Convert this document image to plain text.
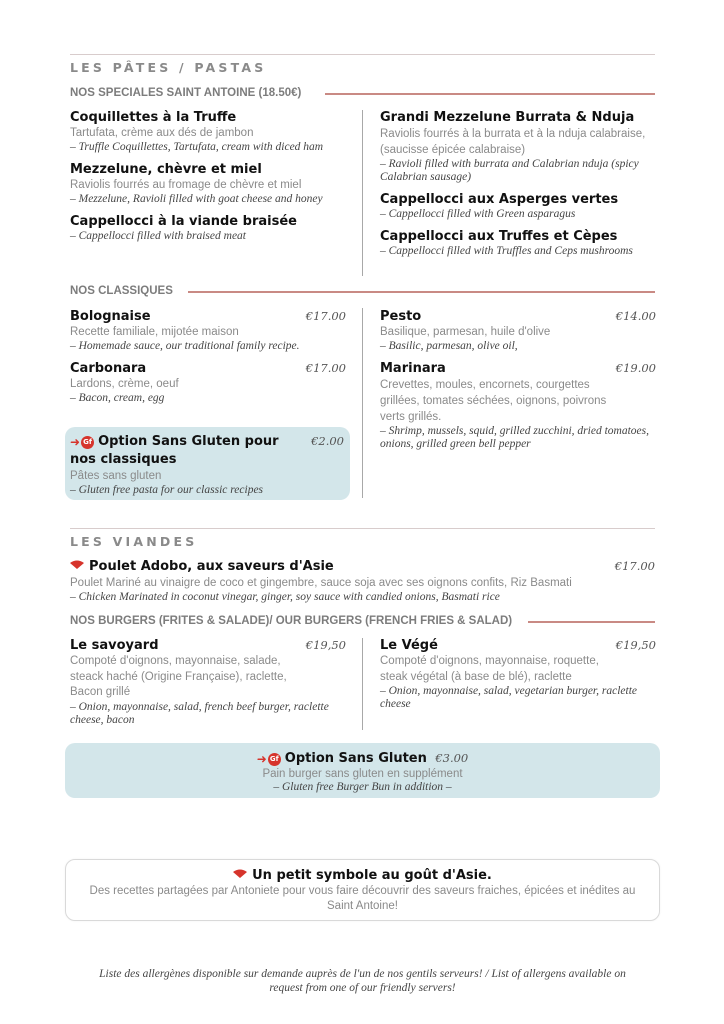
LES PÂTES / PASTAS
NOS SPECIALES SAINT ANTOINE (18.50€)
Coquillettes à la Truffe
Tartufata, crème aux dés de jambon
– Truffle Coquillettes, Tartufata, cream with diced ham
Mezzelune, chèvre et miel
Raviolis fourrés au fromage de chèvre et miel
– Mezzelune, Ravioli filled with goat cheese and honey
Cappellocci à la viande braisée
– Cappellocci filled with braised meat
Grandi Mezzelune Burrata & Nduja
Raviolis fourrés à la burrata et à la nduja calabraise, (saucisse épicée calabraise)
– Ravioli filled with burrata and Calabrian nduja (spicy Calabrian sausage)
Cappellocci aux Asperges vertes
– Cappellocci filled with Green asparagus
Cappellocci aux Truffes et Cèpes
– Cappellocci filled with Truffles and Ceps mushrooms
NOS CLASSIQUES
Bolognaise	€17.00
Recette familiale, mijotée maison
– Homemade sauce, our traditional family recipe.
Carbonara	€17.00
Lardons, crème, oeuf
– Bacon, cream, egg
➜ Gf Option Sans Gluten pour nos classiques
€2.00
Pâtes sans gluten
– Gluten free pasta for our classic recipes
Pesto	€14.00
Basilique, parmesan, huile d'olive
– Basilic, parmesan, olive oil,
Marinara	€19.00
Crevettes, moules, encornets, courgettes grillées, tomates séchées, oignons, poivrons verts grillés.
– Shrimp, mussels, squid, grilled zucchini, dried tomatoes, onions, grilled green bell pepper
LES VIANDES
Poulet Adobo, aux saveurs d'Asie	€17.00
Poulet Mariné au vinaigre de coco et gingembre, sauce soja avec ses oignons confits, Riz Basmati
– Chicken Marinated in coconut vinegar, ginger, soy sauce with candied onions, Basmati rice
NOS BURGERS (FRITES & SALADE)/ OUR BURGERS (FRENCH FRIES & SALAD)
Le savoyard	€19,50
Compoté d'oignons, mayonnaise, salade, steack haché (Origine Française), raclette, Bacon grillé
– Onion, mayonnaise, salad, french beef burger, raclette cheese, bacon
Le Végé	€19,50
Compoté d'oignons, mayonnaise, roquette, steak végétal (à base de blé), raclette
– Onion, mayonnaise, salad, vegetarian burger, raclette cheese
➜ Gf Option Sans Gluten €3.00
Pain burger sans gluten en supplément
– Gluten free Burger Bun in addition –
Un petit symbole au goût d'Asie.
Des recettes partagées par Antoniete pour vous faire découvrir des saveurs fraiches, épicées et inédites au Saint Antoine!
Liste des allergènes disponible sur demande auprès de l'un de nos gentils serveurs! / List of allergens available on request from one of our friendly servers!
